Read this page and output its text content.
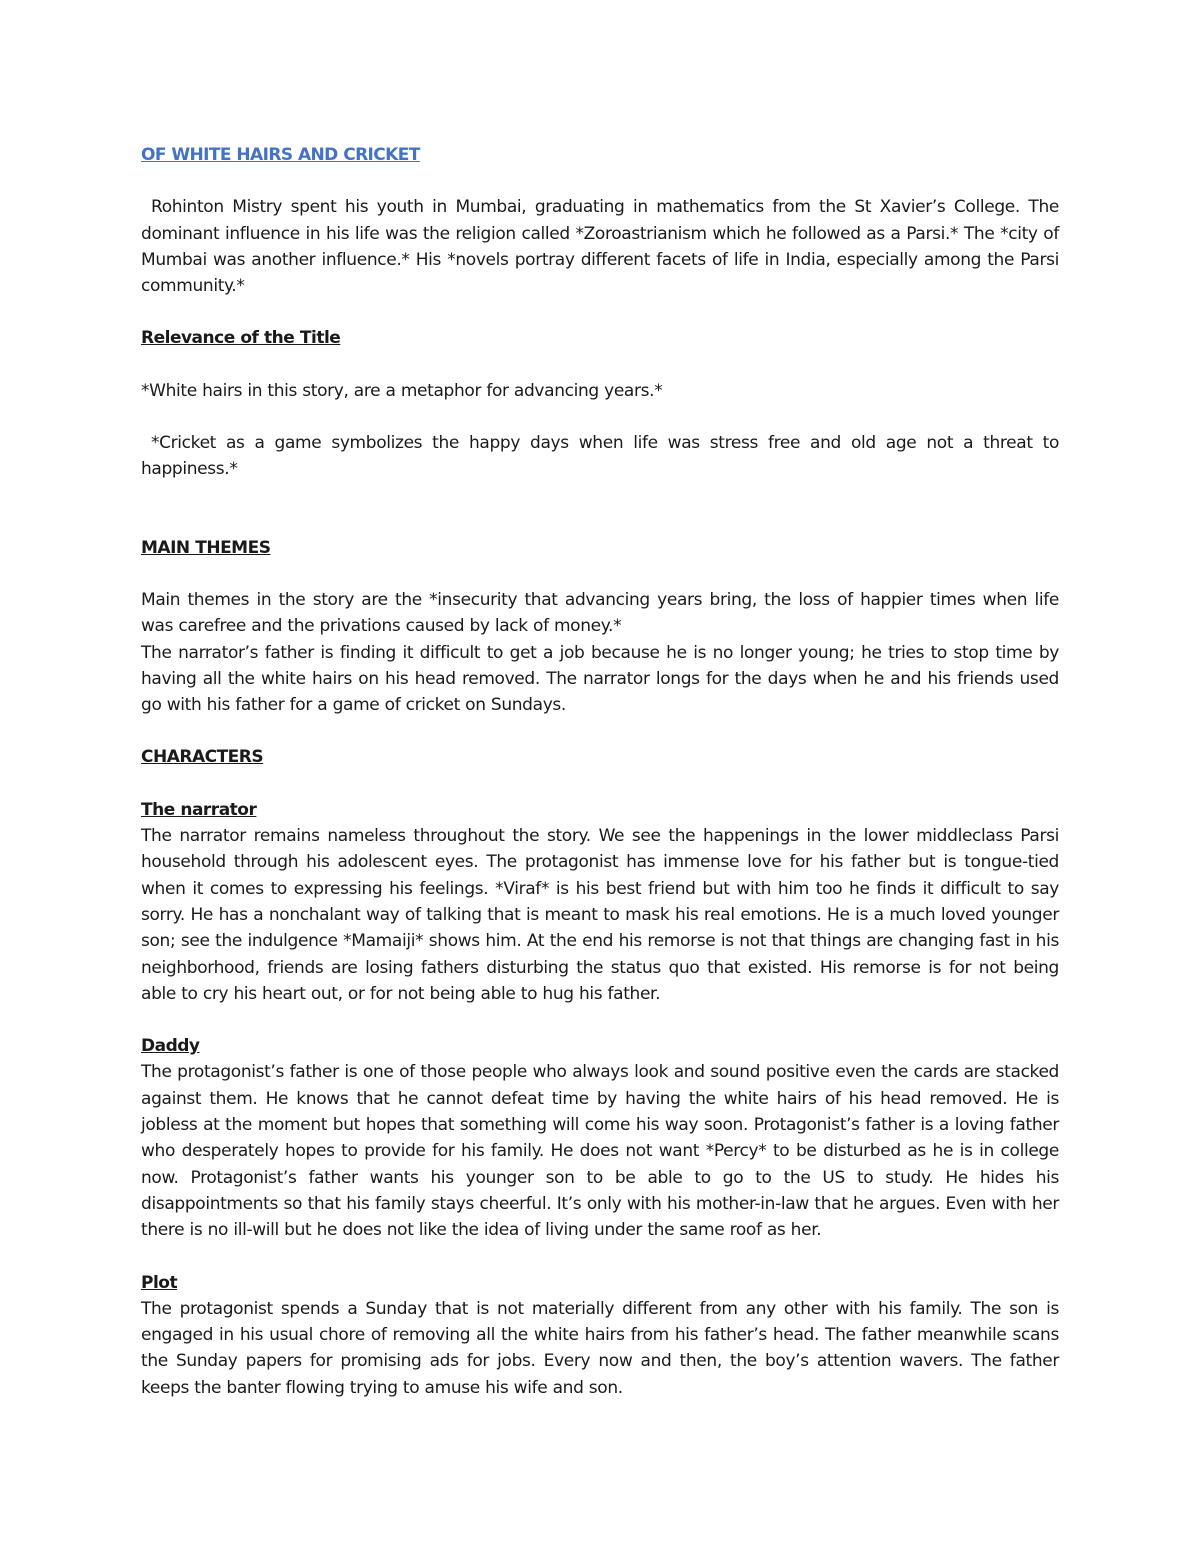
OF WHITE HAIRS AND CRICKET
Rohinton Mistry spent his youth in Mumbai, graduating in mathematics from the St Xavier’s College. The dominant influence in his life was the religion called *Zoroastrianism which he followed as a Parsi.* The *city of Mumbai was another influence.* His *novels portray different facets of life in India, especially among the Parsi community.*
Relevance of the Title
*White hairs in this story, are a metaphor for advancing years.*
*Cricket as a game symbolizes the happy days when life was stress free and old age not a threat to happiness.*
MAIN THEMES
Main themes in the story are the *insecurity that advancing years bring, the loss of happier times when life was carefree and the privations caused by lack of money.*
The narrator’s father is finding it difficult to get a job because he is no longer young; he tries to stop time by having all the white hairs on his head removed. The narrator longs for the days when he and his friends used go with his father for a game of cricket on Sundays.
CHARACTERS
The narrator
The narrator remains nameless throughout the story. We see the happenings in the lower middleclass Parsi household through his adolescent eyes. The protagonist has immense love for his father but is tongue-tied when it comes to expressing his feelings. *Viraf* is his best friend but with him too he finds it difficult to say sorry. He has a nonchalant way of talking that is meant to mask his real emotions. He is a much loved younger son; see the indulgence *Mamaiji* shows him. At the end his remorse is not that things are changing fast in his neighborhood, friends are losing fathers disturbing the status quo that existed. His remorse is for not being able to cry his heart out, or for not being able to hug his father.
Daddy
The protagonist’s father is one of those people who always look and sound positive even the cards are stacked against them. He knows that he cannot defeat time by having the white hairs of his head removed. He is jobless at the moment but hopes that something will come his way soon. Protagonist’s father is a loving father who desperately hopes to provide for his family. He does not want *Percy* to be disturbed as he is in college now. Protagonist’s father wants his younger son to be able to go to the US to study. He hides his disappointments so that his family stays cheerful. It’s only with his mother-in-law that he argues. Even with her there is no ill-will but he does not like the idea of living under the same roof as her.
Plot
The protagonist spends a Sunday that is not materially different from any other with his family. The son is engaged in his usual chore of removing all the white hairs from his father’s head. The father meanwhile scans the Sunday papers for promising ads for jobs. Every now and then, the boy’s attention wavers. The father keeps the banter flowing trying to amuse his wife and son.
